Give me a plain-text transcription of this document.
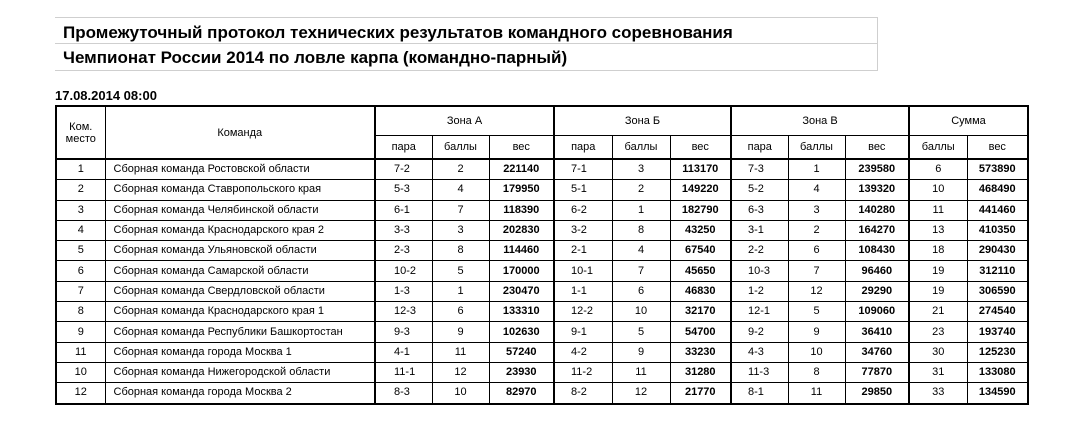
Промежуточный протокол технических результатов командного соревнования
Чемпионат России 2014 по ловле карпа (командно-парный)
17.08.2014 08:00
Ком.
место	Команда	Зона А			Зона Б			Зона В			Сумма	
		пара	баллы	вес	пара	баллы	вес	пара	баллы	вес	баллы	вес
1	Сборная команда Ростовской области	7-2	2	221140	7-1	3	113170	7-3	1	239580	6	573890
2	Сборная команда Ставропольского края	5-3	4	179950	5-1	2	149220	5-2	4	139320	10	468490
3	Сборная команда Челябинской области	6-1	7	118390	6-2	1	182790	6-3	3	140280	11	441460
4	Сборная команда Краснодарского края 2	3-3	3	202830	3-2	8	43250	3-1	2	164270	13	410350
5	Сборная команда Ульяновской области	2-3	8	114460	2-1	4	67540	2-2	6	108430	18	290430
6	Сборная команда Самарской области	10-2	5	170000	10-1	7	45650	10-3	7	96460	19	312110
7	Сборная команда Свердловской области	1-3	1	230470	1-1	6	46830	1-2	12	29290	19	306590
8	Сборная команда Краснодарского края 1	12-3	6	133310	12-2	10	32170	12-1	5	109060	21	274540
9	Сборная команда Республики Башкортостан	9-3	9	102630	9-1	5	54700	9-2	9	36410	23	193740
11	Сборная команда города Москва 1	4-1	11	57240	4-2	9	33230	4-3	10	34760	30	125230
10	Сборная команда Нижегородской области	11-1	12	23930	11-2	11	31280	11-3	8	77870	31	133080
12	Сборная команда города Москва 2	8-3	10	82970	8-2	12	21770	8-1	11	29850	33	134590
